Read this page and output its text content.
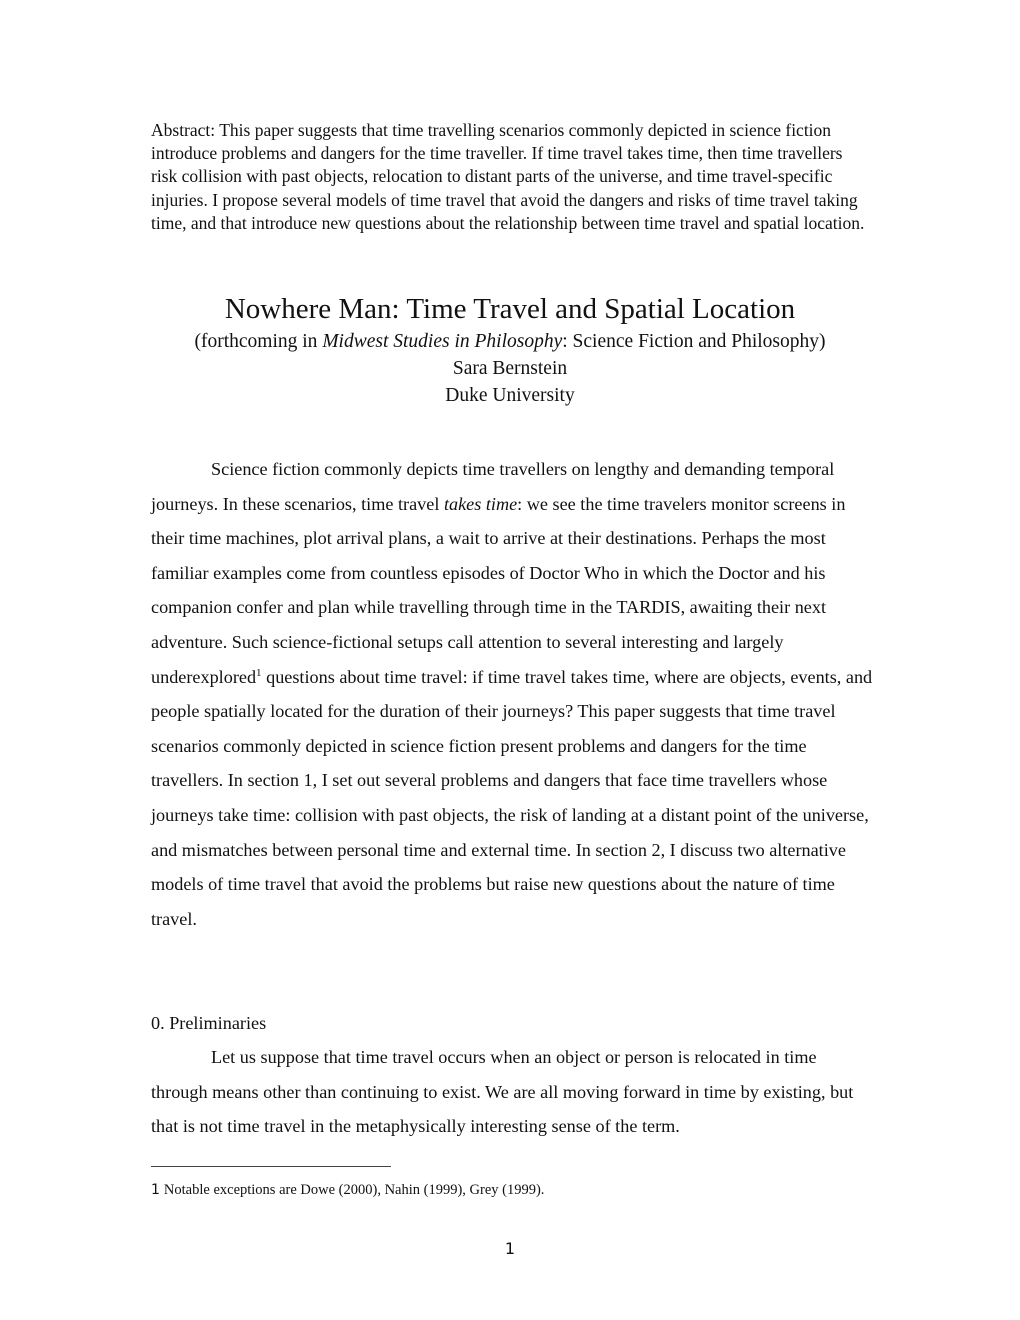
Abstract: This paper suggests that time travelling scenarios commonly depicted in science fiction introduce problems and dangers for the time traveller. If time travel takes time, then time travellers risk collision with past objects, relocation to distant parts of the universe, and time travel-specific injuries. I propose several models of time travel that avoid the dangers and risks of time travel taking time, and that introduce new questions about the relationship between time travel and spatial location.
Nowhere Man: Time Travel and Spatial Location
(forthcoming in Midwest Studies in Philosophy: Science Fiction and Philosophy)
Sara Bernstein
Duke University

Science fiction commonly depicts time travellers on lengthy and demanding temporal journeys. In these scenarios, time travel takes time: we see the time travelers monitor screens in their time machines, plot arrival plans, a wait to arrive at their destinations. Perhaps the most familiar examples come from countless episodes of Doctor Who in which the Doctor and his companion confer and plan while travelling through time in the TARDIS, awaiting their next adventure. Such science-fictional setups call attention to several interesting and largely underexplored$^1$ questions about time travel: if time travel takes time, where are objects, events, and people spatially located for the duration of their journeys? This paper suggests that time travel scenarios commonly depicted in science fiction present problems and dangers for the time travellers. In section 1, I set out several problems and dangers that face time travellers whose journeys take time: collision with past objects, the risk of landing at a distant point of the universe, and mismatches between personal time and external time. In section 2, I discuss two alternative models of time travel that avoid the problems but raise new questions about the nature of time travel.

0. Preliminaries

Let us suppose that time travel occurs when an object or person is relocated in time through means other than continuing to exist. We are all moving forward in time by existing, but that is not time travel in the metaphysically interesting sense of the term.

1 Notable exceptions are Dowe (2000), Nahin (1999), Grey (1999).
1
